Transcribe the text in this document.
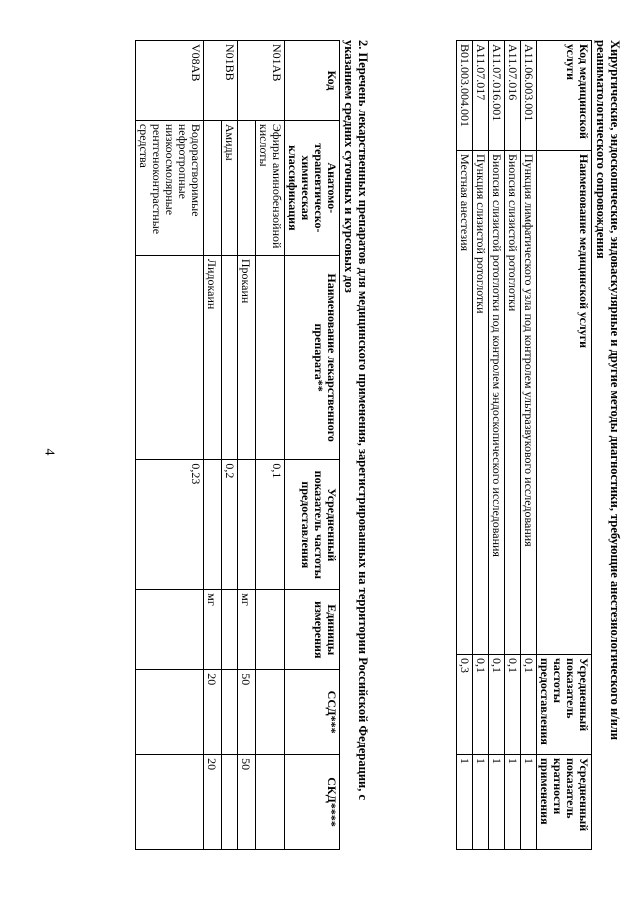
4	Хирургические, эндоскопические, эндоваскулярные и другие методы диагностики, требующие анестезиологического и/или реаниматологического сопровождения
Код медицинской услуги	Наименование медицинской услуги	Усредненный показатель частоты предоставления	Усредненный показатель кратности применения
A11.06.003.001	Пункция лимфатического узла под контролем ультразвукового исследования	0,1	1
A11.07.016	Биопсия слизистой ротоглотки	0,1	1
A11.07.016.001	Биопсия слизистой ротоглотки под контролем эндоскопического исследования	0,1	1
A11.07.017	Пункция слизистой ротоглотки	0,1	1
B01.003.004.001	Местная анестезия	0,3	1
2. Перечень лекарственных препаратов для медицинского применения, зарегистрированных на территории Российской Федерации, с указанием средних суточных и курсовых доз
Код	Анатомо-терапевтическо-химическая классификация	Наименование лекарственного препарата**	Усредненный показатель частоты предоставления	Единицы измерения	ССД***	СКД****
N01AB	Эфиры аминобензойной кислоты		0,1			
		Прокаин		мг	50	50
N01BB	Амиды		0,2			
		Лидокаин		мг	20	20
V08AB	Водорастворимые нефротропные низкоосмолярные рентгеноконтрастные средства		0,23			
